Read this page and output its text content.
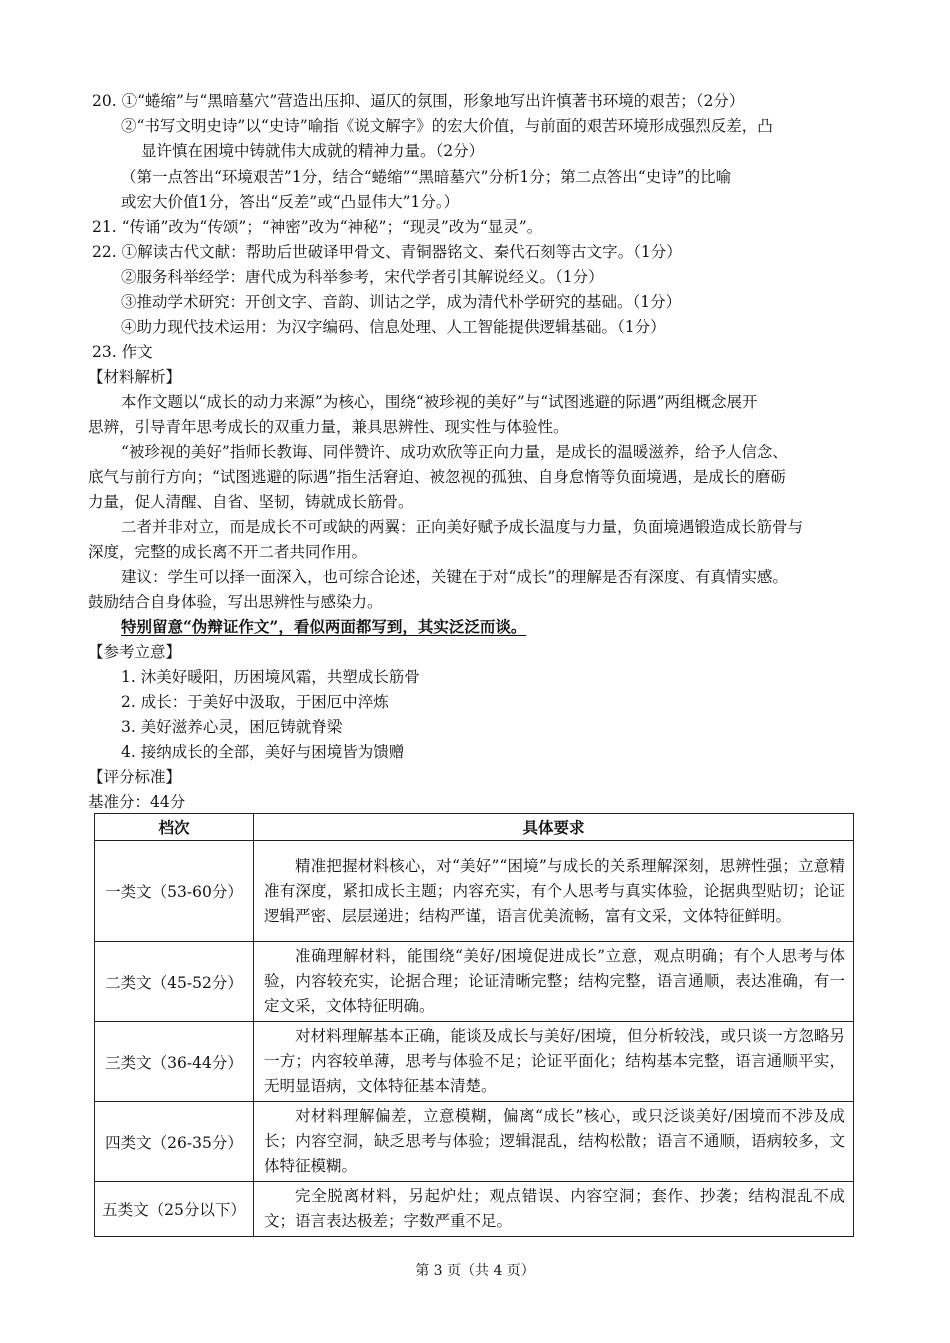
20. ①“蜷缩”与“黑暗墓穴”营造出压抑、逼仄的氛围，形象地写出许慎著书环境的艰苦；（2分）
②“书写文明史诗”以“史诗”喻指《说文解字》的宏大价值，与前面的艰苦环境形成强烈反差，凸
显许慎在困境中铸就伟大成就的精神力量。（2分）
（第一点答出“环境艰苦”1分，结合“蜷缩”“黑暗墓穴”分析1分；第二点答出“史诗”的比喻
或宏大价值1分，答出“反差”或“凸显伟大”1分。）
21. “传诵”改为“传颂”；“神密”改为“神秘”；“现灵”改为“显灵”。
22. ①解读古代文献：帮助后世破译甲骨文、青铜器铭文、秦代石刻等古文字。（1分）
②服务科举经学：唐代成为科举参考，宋代学者引其解说经义。（1分）
③推动学术研究：开创文字、音韵、训诂之学，成为清代朴学研究的基础。（1分）
④助力现代技术运用：为汉字编码、信息处理、人工智能提供逻辑基础。（1分）
23. 作文
【材料解析】
本作文题以“成长的动力来源”为核心，围绕“被珍视的美好”与“试图逃避的际遇”两组概念展开
思辨，引导青年思考成长的双重力量，兼具思辨性、现实性与体验性。
“被珍视的美好”指师长教诲、同伴赞许、成功欢欣等正向力量，是成长的温暖滋养，给予人信念、
底气与前行方向；“试图逃避的际遇”指生活窘迫、被忽视的孤独、自身怠惰等负面境遇，是成长的磨砺
力量，促人清醒、自省、坚韧，铸就成长筋骨。
二者并非对立，而是成长不可或缺的两翼：正向美好赋予成长温度与力量，负面境遇锻造成长筋骨与
深度，完整的成长离不开二者共同作用。
建议：学生可以择一面深入，也可综合论述，关键在于对“成长”的理解是否有深度、有真情实感。
鼓励结合自身体验，写出思辨性与感染力。
特别留意“伪辩证作文”，看似两面都写到，其实泛泛而谈。
【参考立意】
1. 沐美好暖阳，历困境风霜，共塑成长筋骨
2. 成长：于美好中汲取，于困厄中淬炼
3. 美好滋养心灵，困厄铸就脊梁
4. 接纳成长的全部，美好与困境皆为馈赠
【评分标准】
基准分：44分
档次	具体要求
一类文（53-60分）	精准把握材料核心，对“美好”“困境”与成长的关系理解深刻，思辨性强；立意精准有深度，紧扣成长主题；内容充实，有个人思考与真实体验，论据典型贴切；论证逻辑严密、层层递进；结构严谨，语言优美流畅，富有文采，文体特征鲜明。
二类文（45-52分）	准确理解材料，能围绕“美好/困境促进成长”立意，观点明确；有个人思考与体验，内容较充实，论据合理；论证清晰完整；结构完整，语言通顺，表达准确，有一定文采，文体特征明确。
三类文（36-44分）	对材料理解基本正确，能谈及成长与美好/困境，但分析较浅，或只谈一方忽略另一方；内容较单薄，思考与体验不足；论证平面化；结构基本完整，语言通顺平实，无明显语病，文体特征基本清楚。
四类文（26-35分）	对材料理解偏差，立意模糊，偏离“成长”核心，或只泛谈美好/困境而不涉及成长；内容空洞，缺乏思考与体验；逻辑混乱，结构松散；语言不通顺，语病较多，文体特征模糊。
五类文（25分以下）	完全脱离材料，另起炉灶；观点错误、内容空洞；套作、抄袭；结构混乱不成文；语言表达极差；字数严重不足。
第 3 页（共 4 页）
